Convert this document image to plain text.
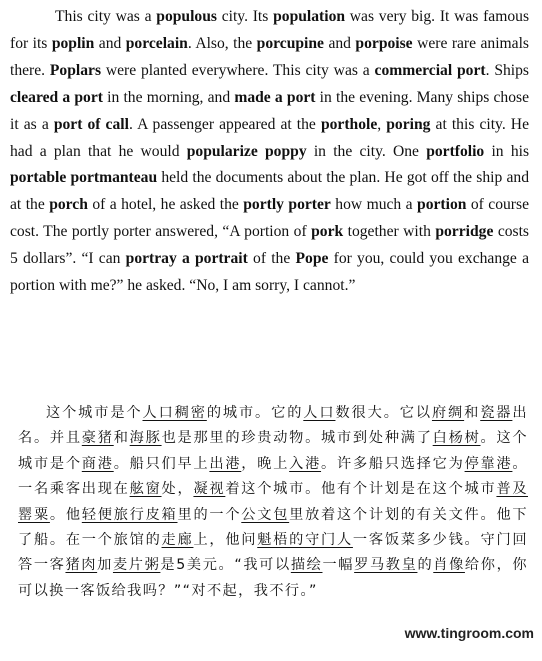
This city was a populous city. Its population was very big. It was famous for its poplin and porcelain. Also, the porcupine and porpoise were rare animals there. Poplars were planted everywhere. This city was a commercial port. Ships cleared a port in the morning, and made a port in the evening. Many ships chose it as a port of call. A passenger appeared at the porthole, poring at this city. He had a plan that he would popularize poppy in the city. One portfolio in his portable portmanteau held the documents about the plan. He got off the ship and at the porch of a hotel, he asked the portly porter how much a portion of course cost. The portly porter answered, “A portion of pork together with porridge costs 5 dollars”. “I can portray a portrait of the Pope for you, could you exchange a portion with me?” he asked. “No, I am sorry, I cannot.”

这个城市是个人口稠密的城市。它的人口数很大。它以府绸和瓷器出名。并且豪猪和海豚也是那里的珍贵动物。城市到处种满了白杨树。这个城市是个商港。船只们早上出港，晚上入港。许多船只选择它为停靠港。一名乘客出现在舷窗处，凝视着这个城市。他有个计划是在这个城市普及罂粟。他轻便旅行皮箱里的一个公文包里放着这个计划的有关文件。他下了船。在一个旅馆的走廊上，他问魁梧的守门人一客饭菜多少钱。守门回答一客猪肉加麦片粥是5美元。“我可以描绘一幅罗马教皇的肖像给你，你可以换一客饭给我吗？”“对不起，我不行。”

www.tingroom.com
